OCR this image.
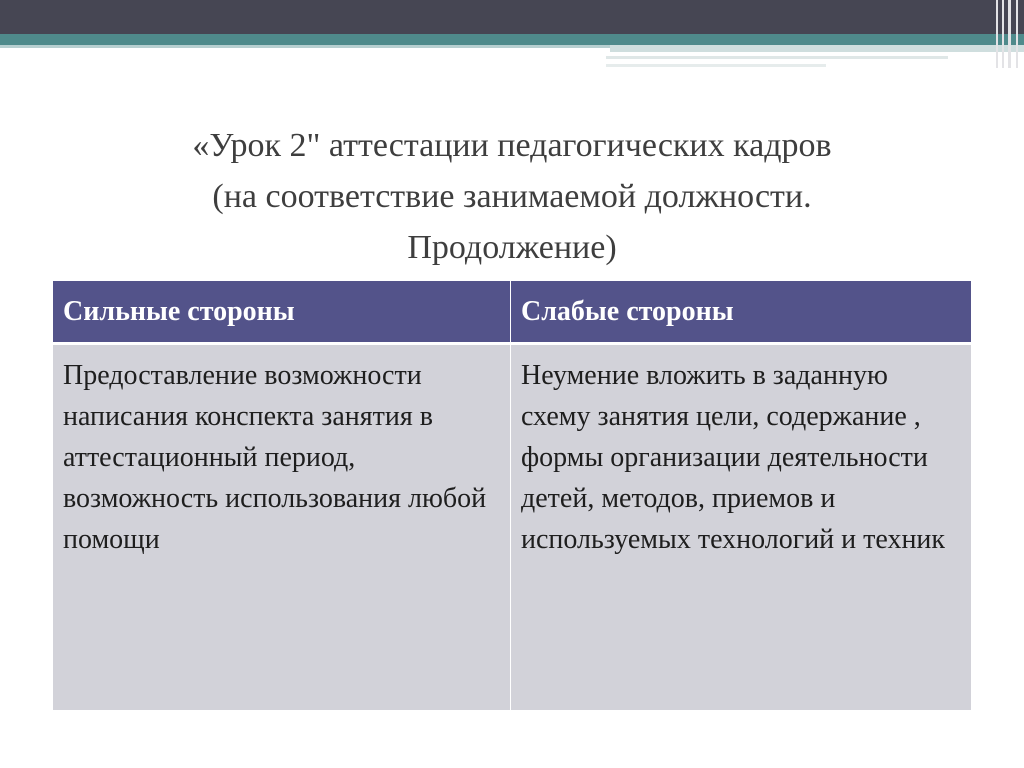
«Урок 2" аттестации педагогических кадров
(на соответствие занимаемой должности.
Продолжение)
Сильные стороны	Слабые стороны
Предоставление возможности написания конспекта занятия в аттестационный период, возможность использования любой помощи	Неумение вложить в заданную схему занятия цели, содержание , формы организации деятельности детей, методов, приемов и используемых технологий и техник
